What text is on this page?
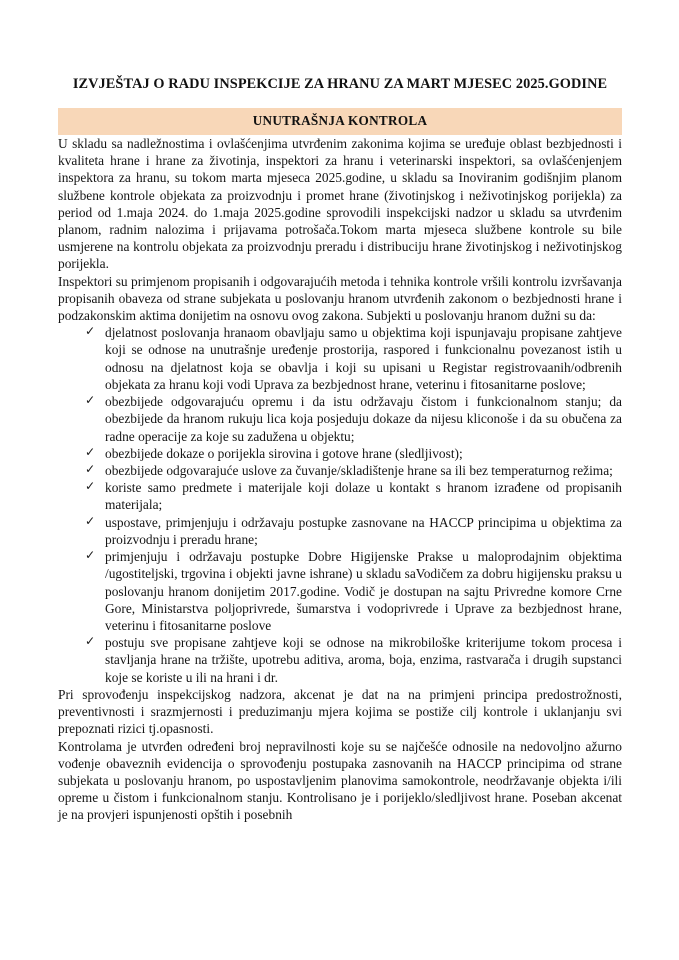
IZVJEŠTAJ O RADU INSPEKCIJE ZA HRANU ZA MART MJESEC 2025.GODINE
UNUTRAŠNJA KONTROLA

U skladu sa nadležnostima i ovlašćenjima utvrđenim zakonima kojima se uređuje oblast bezbjednosti i kvaliteta hrane i hrane za životinja, inspektori za hranu i veterinarski inspektori, sa ovlašćenjenjem inspektora za hranu, su tokom marta mjeseca 2025.godine, u skladu sa Inoviranim godišnjim planom službene kontrole objekata za proizvodnju i promet hrane (životinjskog i neživotinjskog porijekla) za period od 1.maja 2024. do 1.maja 2025.godine sprovodili inspekcijski nadzor u skladu sa utvrđenim planom, radnim nalozima i prijavama potrošača.Tokom marta mjeseca službene kontrole su bile usmjerene na kontrolu objekata za proizvodnju preradu i distribuciju hrane životinjskog i neživotinjskog porijekla.

Inspektori su primjenom propisanih i odgovarajućih metoda i tehnika kontrole vršili kontrolu izvršavanja propisanih obaveza od strane subjekata u poslovanju hranom utvrđenih zakonom o bezbjednosti hrane i podzakonskim aktima donijetim na osnovu ovog zakona. Subjekti u poslovanju hranom dužni su da:

✓ djelatnost poslovanja hranaom obavljaju samo u objektima koji ispunjavaju propisane zahtjeve koji se odnose na unutrašnje uređenje prostorija, raspored i funkcionalnu povezanost istih u odnosu na djelatnost koja se obavlja i koji su upisani u Registar registrovaanih/odbrenih objekata za hranu koji vodi Uprava za bezbjednost hrane, veterinu i fitosanitarne poslove;
✓ obezbijede odgovarajuću opremu i da istu održavaju čistom i funkcionalnom stanju; da obezbijede da hranom rukuju lica koja posjeduju dokaze da nijesu kliconoše i da su obučena za radne operacije za koje su zadužena u objektu;
✓ obezbijede dokaze o porijekla sirovina i gotove hrane (sledljivost);
✓ obezbijede odgovarajuće uslove za čuvanje/skladištenje hrane sa ili bez temperaturnog režima;
✓ koriste samo predmete i materijale koji dolaze u kontakt s hranom izrađene od propisanih materijala;
✓ uspostave, primjenjuju i održavaju postupke zasnovane na HACCP principima u objektima za proizvodnju i preradu hrane;
✓ primjenjuju i održavaju postupke Dobre Higijenske Prakse u maloprodajnim objektima /ugostiteljski, trgovina i objekti javne ishrane) u skladu saVodičem za dobru higijensku praksu u poslovanju hranom donijetim 2017.godine. Vodič je dostupan na sajtu Privredne komore Crne Gore, Ministarstva poljoprivrede, šumarstva i vodoprivrede i Uprave za bezbjednost hrane, veterinu i fitosanitarne poslove
✓ postuju sve propisane zahtjeve koji se odnose na mikrobiloške kriterijume tokom procesa i stavljanja hrane na tržište, upotrebu aditiva, aroma, boja, enzima, rastvarača i drugih supstanci koje se koriste u ili na hrani i dr.

Pri sprovođenju inspekcijskog nadzora, akcenat je dat na na primjeni principa predostrožnosti, preventivnosti i srazmjernosti i preduzimanju mjera kojima se postiže cilj kontrole i uklanjanju svi prepoznati rizici tj.opasnosti.

Kontrolama je utvrđen određeni broj nepravilnosti koje su se najčešće odnosile na nedovoljno ažurno vođenje obaveznih evidencija o sprovođenju postupaka zasnovanih na HACCP principima od strane subjekata u poslovanju hranom, po uspostavljenim planovima samokontrole, neodržavanje objekta i/ili opreme u čistom i funkcionalnom stanju. Kontrolisano je i porijeklo/sledljivost hrane. Poseban akcenat je na provjeri ispunjenosti opštih i posebnih
